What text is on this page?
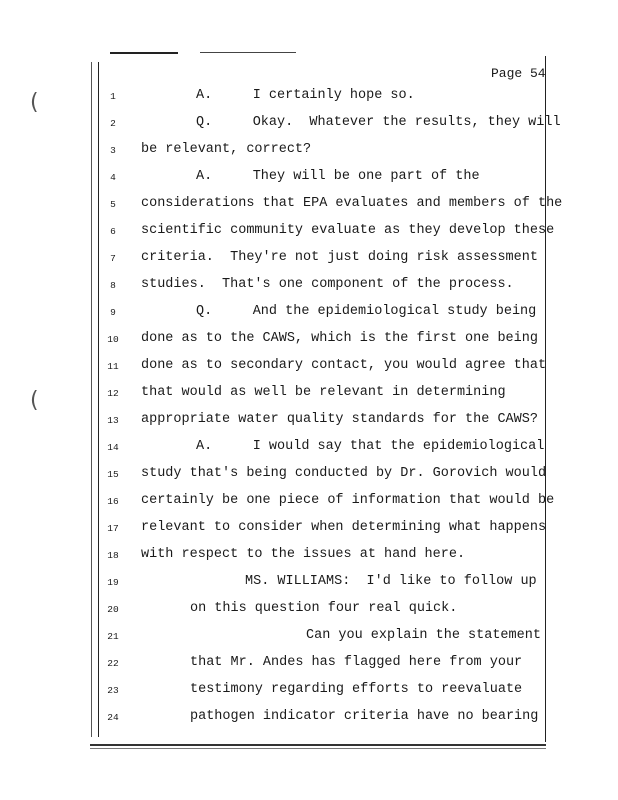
(
(
Page 54
1	A.     I certainly hope so.
2	Q.     Okay.  Whatever the results, they will
3	be relevant, correct?
4	A.     They will be one part of the
5	considerations that EPA evaluates and members of the
6	scientific community evaluate as they develop these
7	criteria.  They're not just doing risk assessment
8	studies.  That's one component of the process.
9	Q.     And the epidemiological study being
10	done as to the CAWS, which is the first one being
11	done as to secondary contact, you would agree that
12	that would as well be relevant in determining
13	appropriate water quality standards for the CAWS?
14	A.     I would say that the epidemiological
15	study that's being conducted by Dr. Gorovich would
16	certainly be one piece of information that would be
17	relevant to consider when determining what happens
18	with respect to the issues at hand here.
19	MS. WILLIAMS:  I'd like to follow up
20	on this question four real quick.
21	Can you explain the statement
22	that Mr. Andes has flagged here from your
23	testimony regarding efforts to reevaluate
24	pathogen indicator criteria have no bearing
